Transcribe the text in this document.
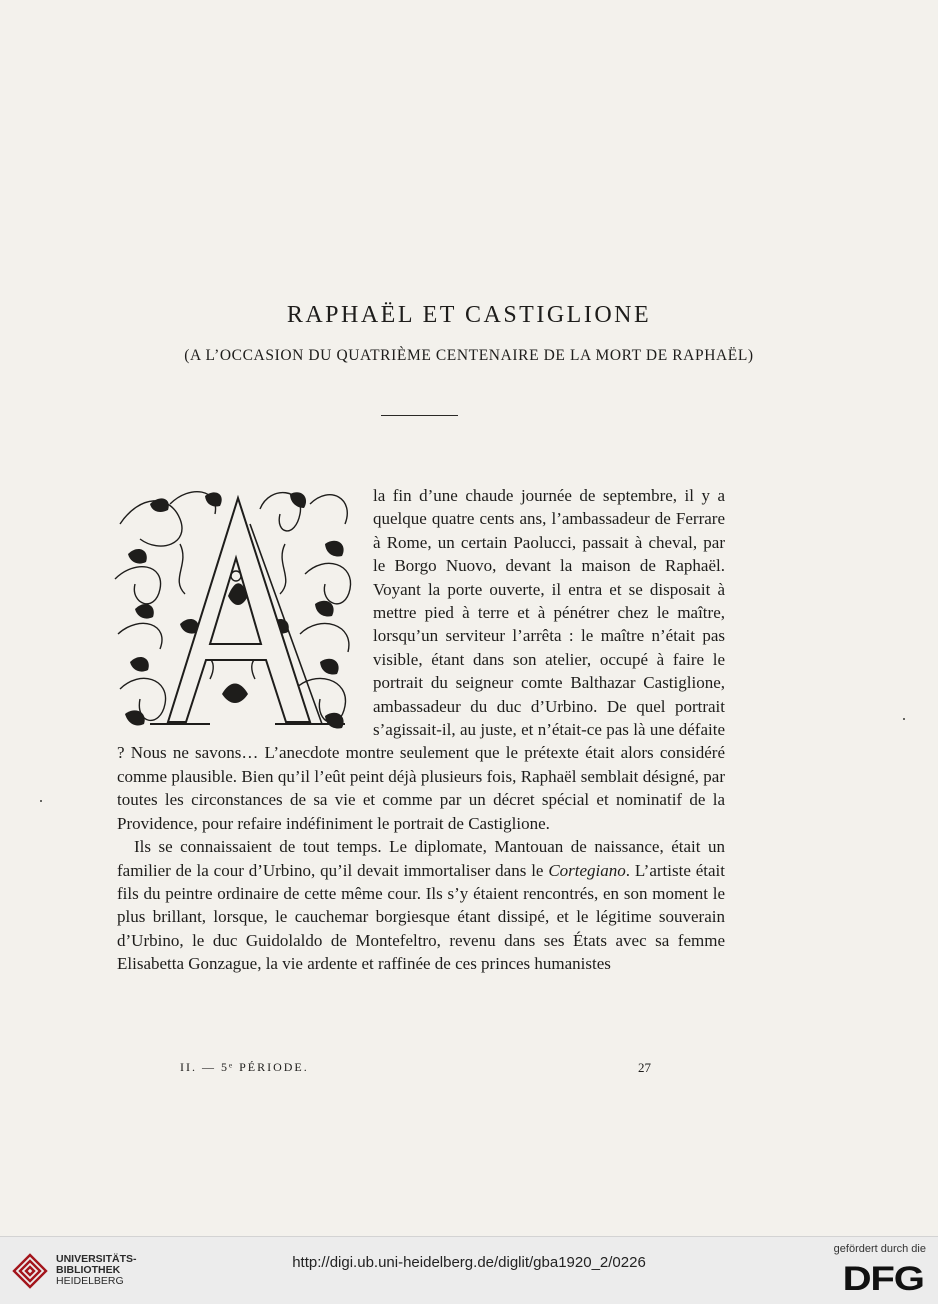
RAPHAËL ET CASTIGLIONE

(A L’OCCASION DU QUATRIÈME CENTENAIRE DE LA MORT DE RAPHAËL)

la fin d’une chaude journée de septembre, il y a quelque quatre cents ans, l’ambassadeur de Ferrare à Rome, un certain Paolucci, passait à cheval, par le Borgo Nuovo, devant la maison de Raphaël. Voyant la porte ouverte, il entra et se disposait à mettre pied à terre et à pénétrer chez le maître, lorsqu’un serviteur l’arrêta : le maître n’était pas visible, étant dans son atelier, occupé à faire le portrait du seigneur comte Balthazar Castiglione, ambassadeur du duc d’Urbino. De quel portrait s’agissait-il, au juste, et n’était-ce pas là une défaite ? Nous ne savons… L’anecdote montre seulement que le prétexte était alors considéré comme plausible. Bien qu’il l’eût peint déjà plusieurs fois, Raphaël semblait désigné, par toutes les circonstances de sa vie et comme par un décret spécial et nominatif de la Providence, pour refaire indéfiniment le portrait de Castiglione.

Ils se connaissaient de tout temps. Le diplomate, Mantouan de naissance, était un familier de la cour d’Urbino, qu’il devait immortaliser dans le Cortegiano. L’artiste était fils du peintre ordinaire de cette même cour. Ils s’y étaient rencontrés, en son moment le plus brillant, lorsque, le cauchemar borgiesque étant dissipé, et le légitime souverain d’Urbino, le duc Guidolaldo de Montefeltro, revenu dans ses États avec sa femme Elisabetta Gonzague, la vie ardente et raffinée de ces princes humanistes

II. — 5ᵉ PÉRIODE.	27
UNIVERSITÄTS-
BIBLIOTHEK
HEIDELBERG
http://digi.ub.uni-heidelberg.de/diglit/gba1920_2/0226
gefördert durch die
DFG
